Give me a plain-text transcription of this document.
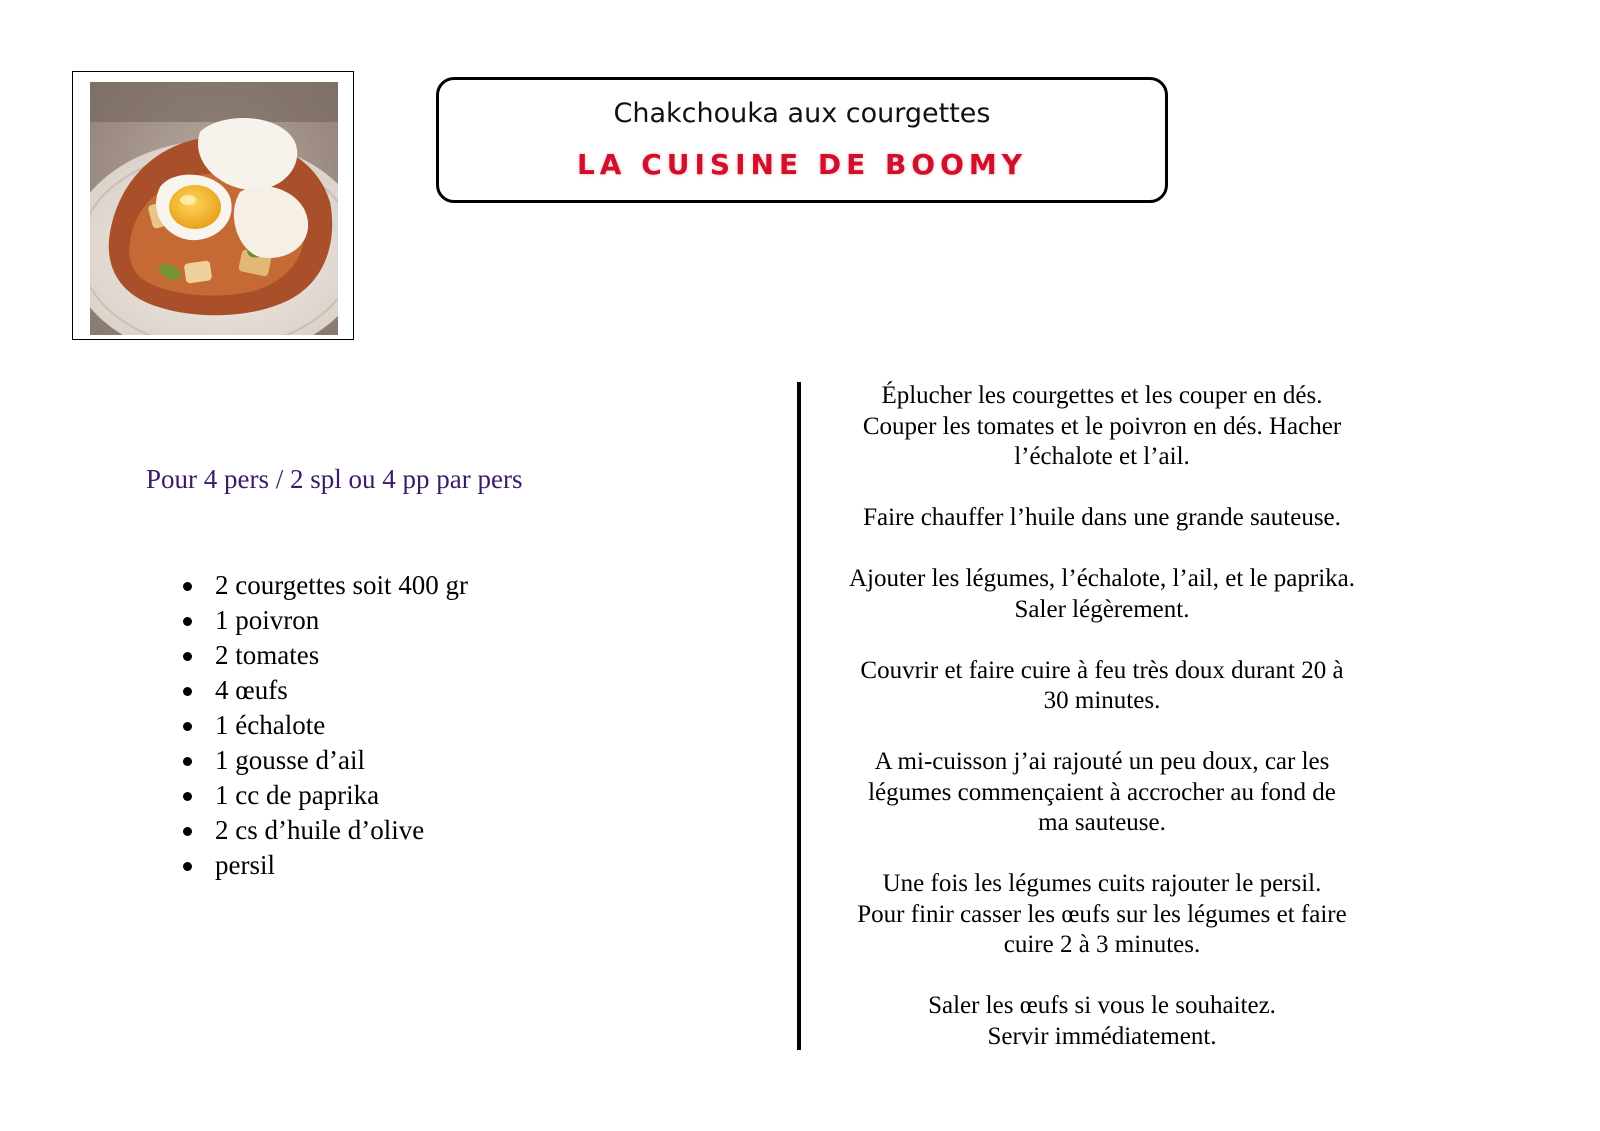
Chakchouka aux courgettes
LA CUISINE DE BOOMY
Pour 4 pers / 2 spl ou 4 pp par pers
2 courgettes soit 400 gr
1 poivron
2 tomates
4 œufs
1 échalote
1 gousse d’ail
1 cc de paprika
2 cs d’huile d’olive
persil

Éplucher les courgettes et les couper en dés.
Couper les tomates et le poivron en dés. Hacher
l’échalote et l’ail.

Faire chauffer l’huile dans une grande sauteuse.

Ajouter les légumes, l’échalote, l’ail, et le paprika.
Saler légèrement.

Couvrir et faire cuire à feu très doux durant 20 à
30 minutes.

A mi-cuisson j’ai rajouté un peu doux, car les
légumes commençaient à accrocher au fond de
ma sauteuse.

Une fois les légumes cuits rajouter le persil.
Pour finir casser les œufs sur les légumes et faire
cuire 2 à 3 minutes.

Saler les œufs si vous le souhaitez.
Servir immédiatement.
